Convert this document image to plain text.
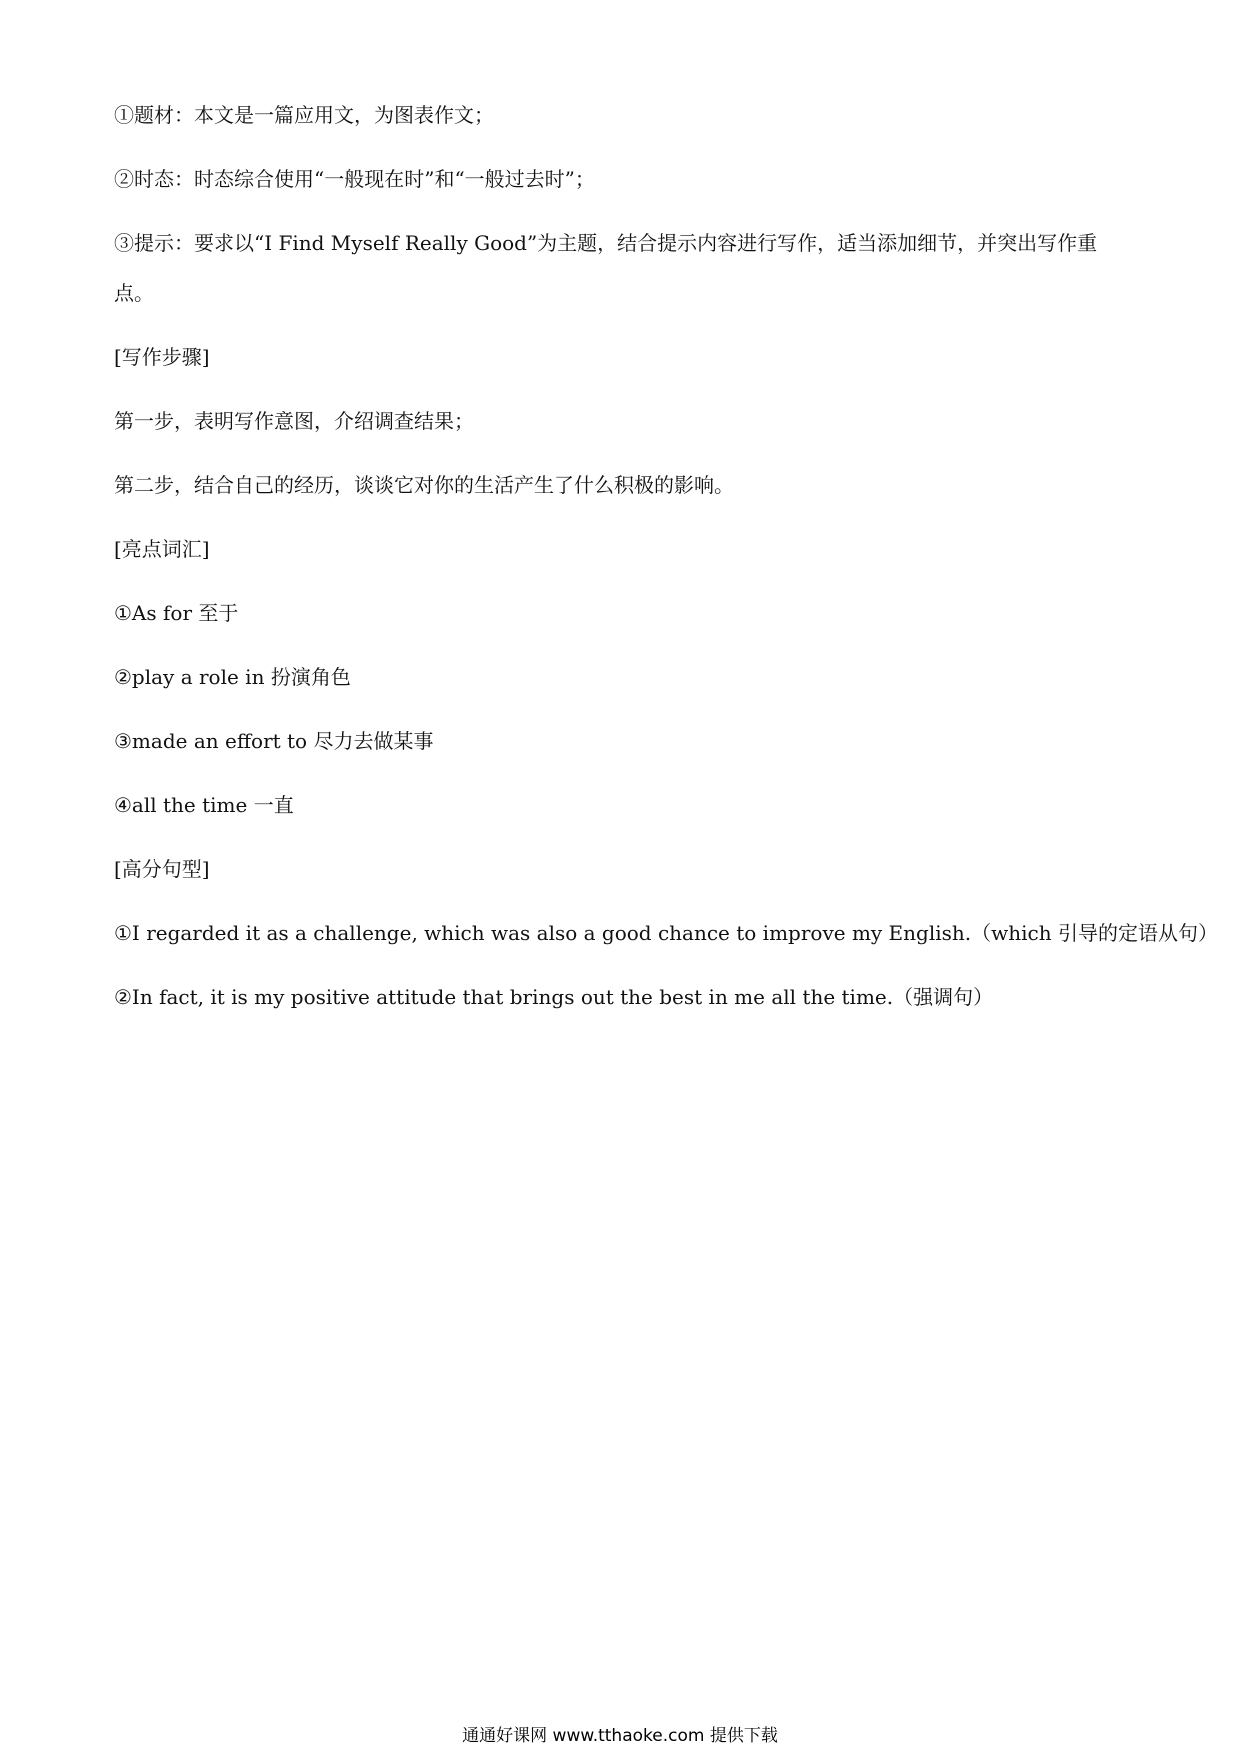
①题材：本文是一篇应用文，为图表作文；

②时态：时态综合使用“一般现在时”和“一般过去时”；

③提示：要求以“I Find Myself Really Good”为主题，结合提示内容进行写作，适当添加细节，并突出写作重点。

[写作步骤]

第一步，表明写作意图，介绍调查结果；

第二步，结合自己的经历，谈谈它对你的生活产生了什么积极的影响。

[亮点词汇]

①As for 至于

②play a role in 扮演角色

③made an effort to 尽力去做某事

④all the time 一直

[高分句型]

①I regarded it as a challenge, which was also a good chance to improve my English.（which 引导的定语从句）

②In fact, it is my positive attitude that brings out the best in me all the time.（强调句）

通通好课网 www.tthaoke.com 提供下载
